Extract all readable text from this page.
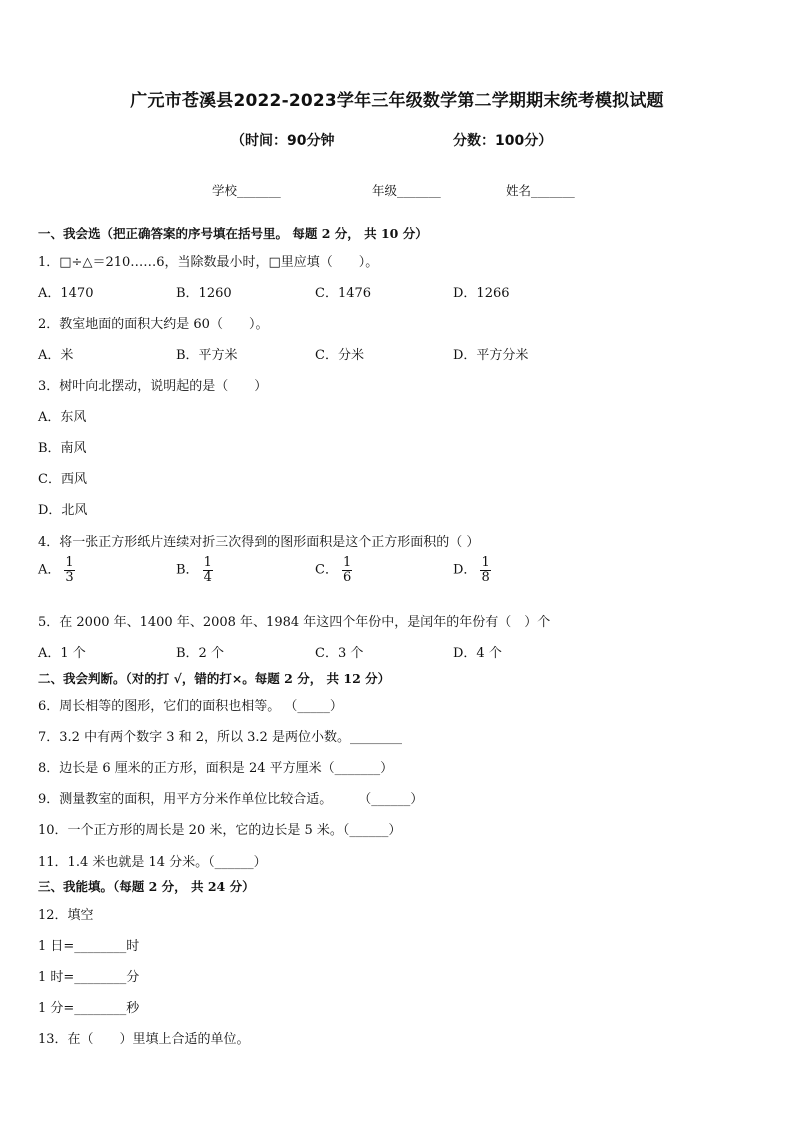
广元市苍溪县2022-2023学年三年级数学第二学期期末统考模拟试题
（时间：90分钟	分数：100分）
学校_______	年级_______	姓名_______
一、我会选（把正确答案的序号填在括号里。 每题 2 分， 共 10 分）
1．□÷△＝210……6，当除数最小时，□里应填（　　）。
A．1470	B．1260	C．1476	D．1266
2．教室地面的面积大约是 60（　　）。
A．米	B．平方米	C．分米	D．平方分米
3．树叶向北摆动，说明起的是（　　）
A．东风
B．南风
C．西风
D．北风
4．将一张正方形纸片连续对折三次得到的图形面积是这个正方形面积的（ ）
A． $\frac{1}{3}$	B． $\frac{1}{4}$	C． $\frac{1}{6}$	D． $\frac{1}{8}$
5．在 2000 年、1400 年、2008 年、1984 年这四个年份中，是闰年的年份有（　）个
A．1 个	B．2 个	C．3 个	D．4 个
二、我会判断。（对的打 √，错的打×。每题 2 分， 共 12 分）
6．周长相等的图形，它们的面积也相等。 （_____）
7．3.2 中有两个数字 3 和 2，所以 3.2 是两位小数。________
8．边长是 6 厘米的正方形，面积是 24 平方厘米（_______）
9．测量教室的面积，用平方分米作单位比较合适。　　　（______）
10．一个正方形的周长是 20 米，它的边长是 5 米。（______）
11．1.4 米也就是 14 分米。（______）
三、我能填。（每题 2 分， 共 24 分）
12．填空
1 日=________时
1 时=________分
1 分=________秒
13．在（　　）里填上合适的单位。
